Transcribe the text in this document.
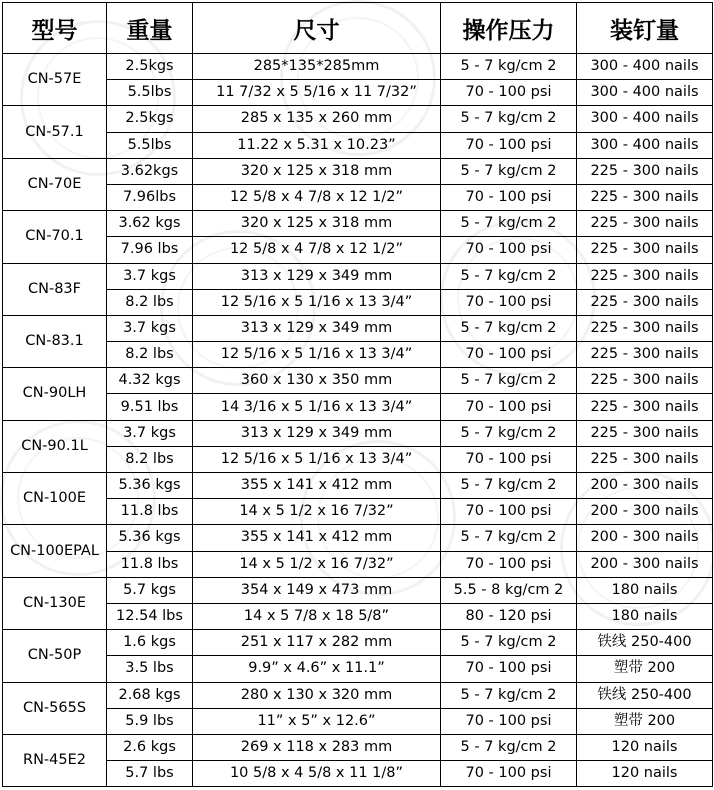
型号	重量	尺寸	操作压力	装钉量
CN-57E	2.5kgs	285*135*285mm	5 - 7 kg/cm 2	300 - 400 nails
	5.5lbs	11 7/32 x 5 5/16 x 11 7/32”	70 - 100 psi	300 - 400 nails
CN-57.1	2.5kgs	285 x 135 x 260 mm	5 - 7 kg/cm 2	300 - 400 nails
	5.5lbs	11.22 x 5.31 x 10.23”	70 - 100 psi	300 - 400 nails
CN-70E	3.62kgs	320 x 125 x 318 mm	5 - 7 kg/cm 2	225 - 300 nails
	7.96lbs	12 5/8 x 4 7/8 x 12 1/2”	70 - 100 psi	225 - 300 nails
CN-70.1	3.62 kgs	320 x 125 x 318 mm	5 - 7 kg/cm 2	225 - 300 nails
	7.96 lbs	12 5/8 x 4 7/8 x 12 1/2”	70 - 100 psi	225 - 300 nails
CN-83F	3.7 kgs	313 x 129 x 349 mm	5 - 7 kg/cm 2	225 - 300 nails
	8.2 lbs	12 5/16 x 5 1/16 x 13 3/4”	70 - 100 psi	225 - 300 nails
CN-83.1	3.7 kgs	313 x 129 x 349 mm	5 - 7 kg/cm 2	225 - 300 nails
	8.2 lbs	12 5/16 x 5 1/16 x 13 3/4”	70 - 100 psi	225 - 300 nails
CN-90LH	4.32 kgs	360 x 130 x 350 mm	5 - 7 kg/cm 2	225 - 300 nails
	9.51 lbs	14 3/16 x 5 1/16 x 13 3/4”	70 - 100 psi	225 - 300 nails
CN-90.1L	3.7 kgs	313 x 129 x 349 mm	5 - 7 kg/cm 2	225 - 300 nails
	8.2 lbs	12 5/16 x 5 1/16 x 13 3/4”	70 - 100 psi	225 - 300 nails
CN-100E	5.36 kgs	355 x 141 x 412 mm	5 - 7 kg/cm 2	200 - 300 nails
	11.8 lbs	14 x 5 1/2 x 16 7/32”	70 - 100 psi	200 - 300 nails
CN-100EPAL	5.36 kgs	355 x 141 x 412 mm	5 - 7 kg/cm 2	200 - 300 nails
	11.8 lbs	14 x 5 1/2 x 16 7/32”	70 - 100 psi	200 - 300 nails
CN-130E	5.7 kgs	354 x 149 x 473 mm	5.5 - 8 kg/cm 2	180 nails
	12.54 lbs	14 x 5 7/8 x 18 5/8”	80 - 120 psi	180 nails
CN-50P	1.6 kgs	251 x 117 x 282 mm	5 - 7 kg/cm 2	铁线 250-400
	3.5 lbs	9.9” x 4.6” x 11.1”	70 - 100 psi	塑带 200
CN-565S	2.68 kgs	280 x 130 x 320 mm	5 - 7 kg/cm 2	铁线 250-400
	5.9 lbs	11” x 5” x 12.6”	70 - 100 psi	塑带 200
RN-45E2	2.6 kgs	269 x 118 x 283 mm	5 - 7 kg/cm 2	120 nails
	5.7 lbs	10 5/8 x 4 5/8 x 11 1/8”	70 - 100 psi	120 nails
